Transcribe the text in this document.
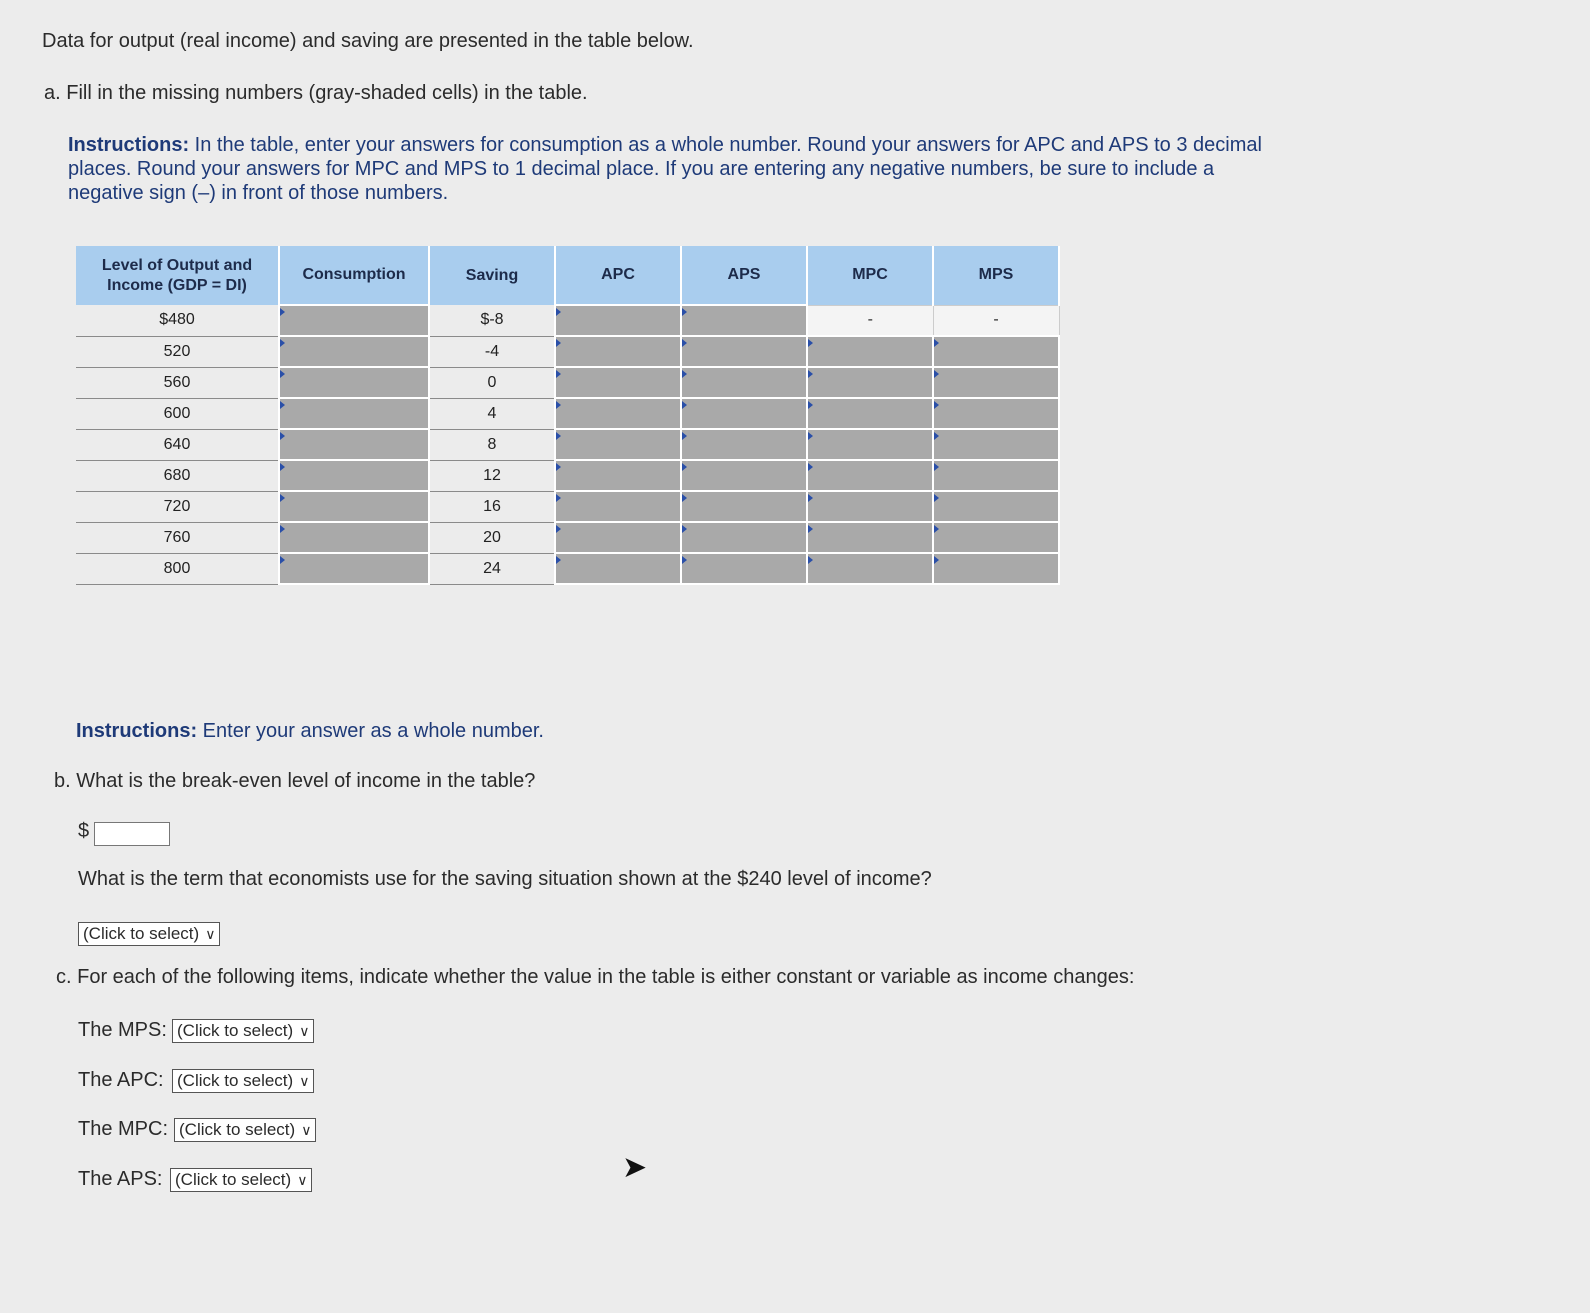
Data for output (real income) and saving are presented in the table below.
a. Fill in the missing numbers (gray-shaded cells) in the table.
Instructions: In the table, enter your answers for consumption as a whole number. Round your answers for APC and APS to 3 decimal places. Round your answers for MPC and MPS to 1 decimal place. If you are entering any negative numbers, be sure to include a negative sign (–) in front of those numbers.
Level of Output and Income (GDP = DI)	Consumption	Saving	APC	APS	MPC	MPS
$480		$-8			-	-
520		-4				
560		0				
600		4				
640		8				
680		12				
720		16				
760		20				
800		24				
Instructions: Enter your answer as a whole number.
b. What is the break-even level of income in the table?
$
What is the term that economists use for the saving situation shown at the $240 level of income?
(Click to select) ∨
c. For each of the following items, indicate whether the value in the table is either constant or variable as income changes:
The MPS: (Click to select) ∨
The APC: (Click to select) ∨
The MPC: (Click to select) ∨
The APS: (Click to select) ∨	➤
